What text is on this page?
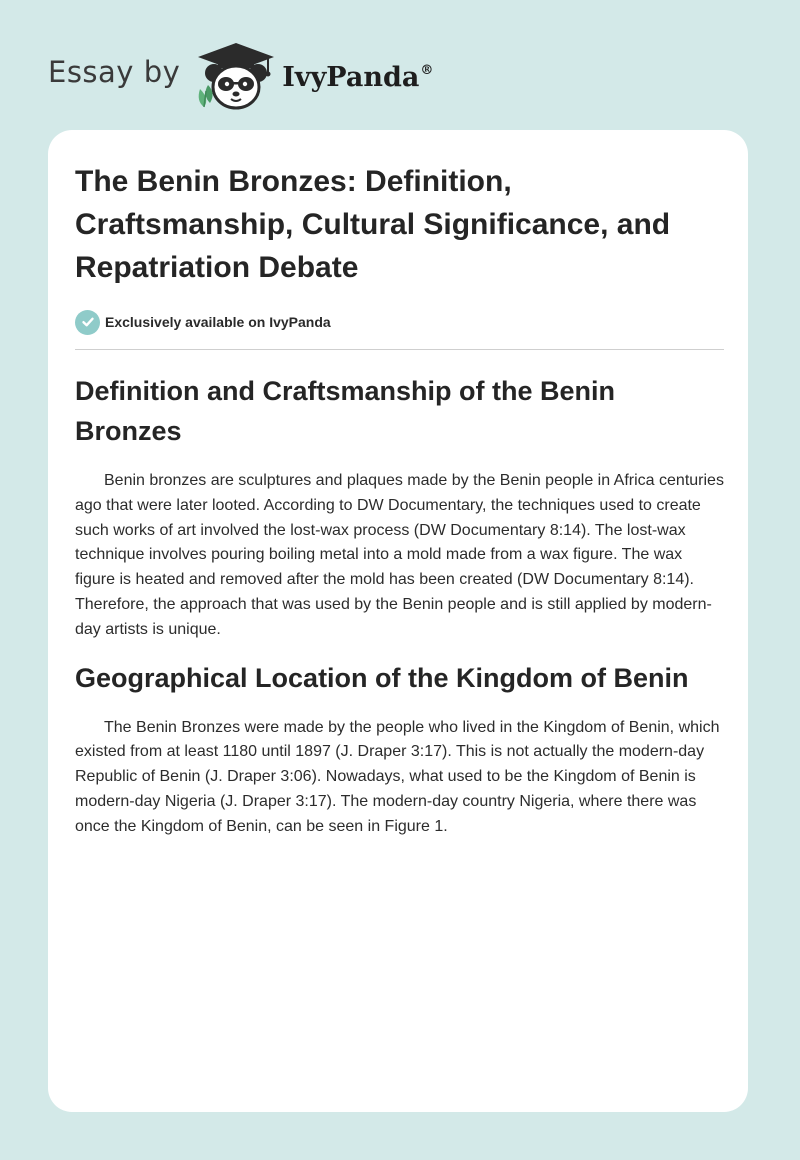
Essay by	IvyPanda®
The Benin Bronzes: Definition, Craftsmanship, Cultural Significance, and Repatriation Debate
Exclusively available on IvyPanda
Definition and Craftsmanship of the Benin Bronzes

Benin bronzes are sculptures and plaques made by the Benin people in Africa centuries ago that were later looted. According to DW Documentary, the techniques used to create such works of art involved the lost-wax process (DW Documentary 8:14). The lost-wax technique involves pouring boiling metal into a mold made from a wax figure. The wax figure is heated and removed after the mold has been created (DW Documentary 8:14). Therefore, the approach that was used by the Benin people and is still applied by modern-day artists is unique.

Geographical Location of the Kingdom of Benin

The Benin Bronzes were made by the people who lived in the Kingdom of Benin, which existed from at least 1180 until 1897 (J. Draper 3:17). This is not actually the modern-day Republic of Benin (J. Draper 3:06). Nowadays, what used to be the Kingdom of Benin is modern-day Nigeria (J. Draper 3:17). The modern-day country Nigeria, where there was once the Kingdom of Benin, can be seen in Figure 1.
